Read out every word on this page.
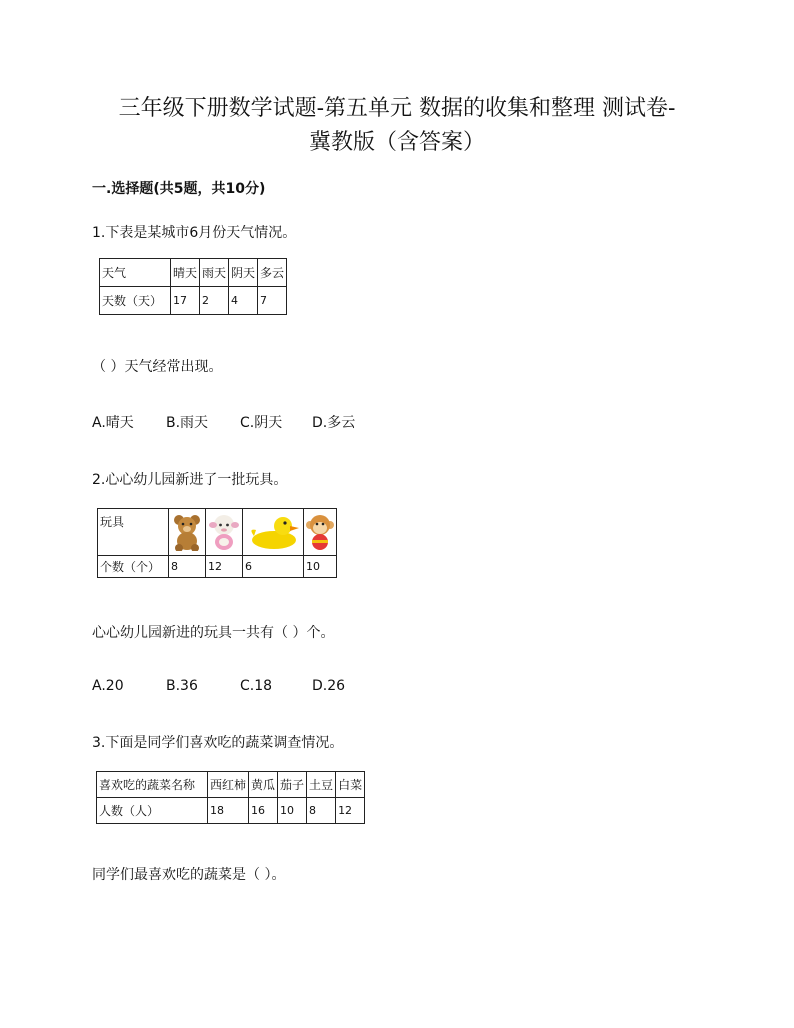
三年级下册数学试题-第五单元 数据的收集和整理 测试卷-
冀教版（含答案）
一.选择题(共5题，共10分)
1.下表是某城市6月份天气情况。
天气	晴天	雨天	阴天	多云
天数（天）	17	2	4	7
（ ）天气经常出现。
A.晴天 B.雨天 C.阴天 D.多云
2.心心幼儿园新进了一批玩具。
玩具	

个数（个）	8	12	6	10
心心幼儿园新进的玩具一共有（ ）个。
A.20	B.36	C.18	D.26
3.下面是同学们喜欢吃的蔬菜调查情况。
喜欢吃的蔬菜名称	西红柿	黄瓜	茄子	土豆	白菜
人数（人）	18	16	10	8	12
同学们最喜欢吃的蔬菜是（ ）。
